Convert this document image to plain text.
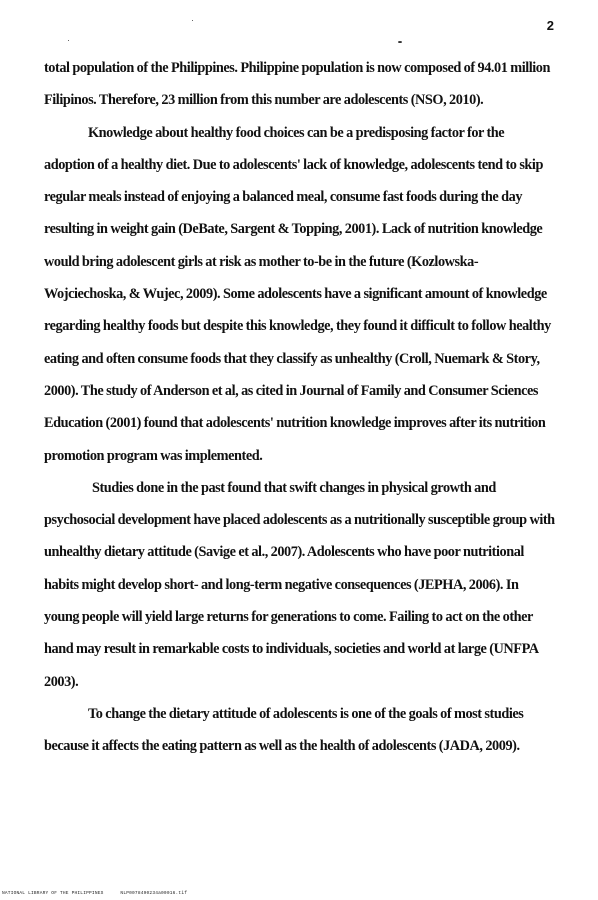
2

total population of the Philippines. Philippine population is now composed of 94.01 million Filipinos. Therefore, 23 million from this number are adolescents (NSO, 2010).

Knowledge about healthy food choices can be a predisposing factor for the adoption of a healthy diet. Due to adolescents' lack of knowledge, adolescents tend to skip regular meals instead of enjoying a balanced meal, consume fast foods during the day resulting in weight gain (DeBate, Sargent & Topping, 2001). Lack of nutrition knowledge would bring adolescent girls at risk as mother to-be in the future (Kozlowska-Wojciechoska, & Wujec, 2009). Some adolescents have a significant amount of knowledge regarding healthy foods but despite this knowledge, they found it difficult to follow healthy eating and often consume foods that they classify as unhealthy (Croll, Nuemark & Story, 2000). The study of Anderson et al, as cited in Journal of Family and Consumer Sciences Education (2001) found that adolescents' nutrition knowledge improves after its nutrition promotion program was implemented.

Studies done in the past found that swift changes in physical growth and psychosocial development have placed adolescents as a nutritionally susceptible group with unhealthy dietary attitude (Savige et al., 2007). Adolescents who have poor nutritional habits might develop short- and long-term negative consequences (JEPHA, 2006). In young people will yield large returns for generations to come. Failing to act on the other hand may result in remarkable costs to individuals, societies and world at large (UNFPA 2003).

To change the dietary attitude of adolescents is one of the goals of most studies because it affects the eating pattern as well as the health of adolescents (JADA, 2009).

NATIONAL LIBRARY OF THE PHILIPPINES	NLP0078490234a00016.tif
